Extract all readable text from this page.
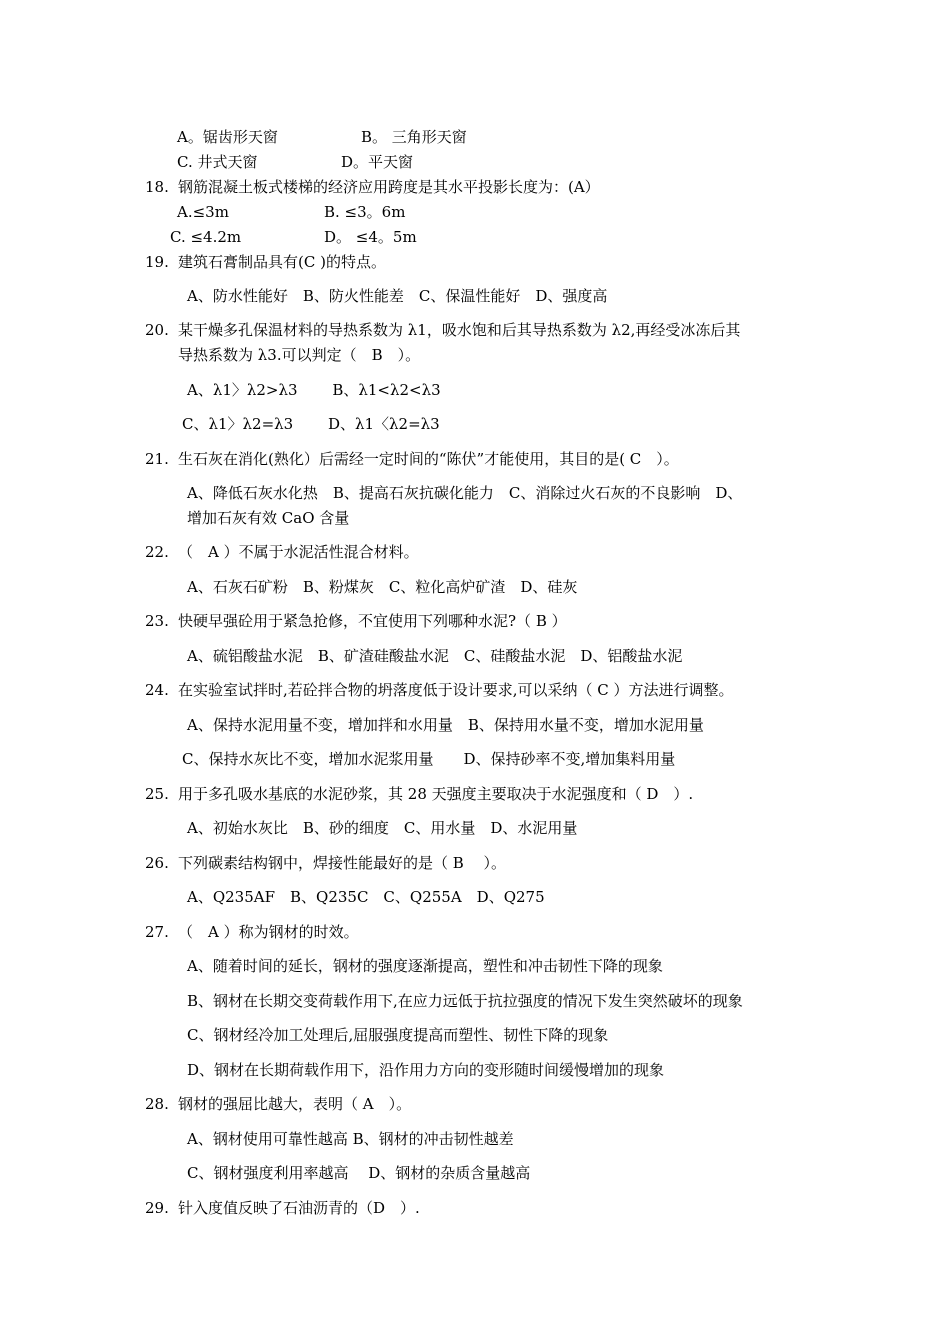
A。锯齿形天窗	B。 三角形天窗
C. 井式天窗	D。平天窗
18. 钢筋混凝土板式楼梯的经济应用跨度是其水平投影长度为：(A）
A.≤3m	B. ≤3。6m
C. ≤4.2m	D。 ≤4。5m
19. 建筑石膏制品具有(C )的特点。
A、防水性能好　B、防火性能差　C、保温性能好　D、强度高
20. 某干燥多孔保温材料的导热系数为 λ1，吸水饱和后其导热系数为 λ2,再经受冰冻后其
导热系数为 λ3.可以判定（　B　）。
A、λ1〉λ2>λ3　　 B、λ1<λ2<λ3
C、λ1〉λ2=λ3　　 D、λ1〈λ2=λ3
21. 生石灰在消化(熟化）后需经一定时间的“陈伏”才能使用，其目的是( C　）。
A、降低石灰水化热　B、提高石灰抗碳化能力　C、消除过火石灰的不良影响　D、
增加石灰有效 CaO 含量
22. （　A ）不属于水泥活性混合材料。
A、石灰石矿粉　B、粉煤灰　C、粒化高炉矿渣　D、硅灰
23. 快硬早强砼用于紧急抢修，不宜使用下列哪种水泥?（ B ）
A、硫铝酸盐水泥　B、矿渣硅酸盐水泥　C、硅酸盐水泥　D、铝酸盐水泥
24. 在实验室试拌时,若砼拌合物的坍落度低于设计要求,可以采纳（ C ）方法进行调整。
A、保持水泥用量不变，增加拌和水用量　B、保持用水量不变，增加水泥用量
C、保持水灰比不变，增加水泥浆用量　　D、保持砂率不变,增加集料用量
25. 用于多孔吸水基底的水泥砂浆，其 28 天强度主要取决于水泥强度和（ D　）.
A、初始水灰比　B、砂的细度　C、用水量　D、水泥用量
26. 下列碳素结构钢中，焊接性能最好的是（ B　 ）。
A、Q235AF　B、Q235C　C、Q255A　D、Q275
27. （　A ）称为钢材的时效。
A、随着时间的延长，钢材的强度逐渐提高，塑性和冲击韧性下降的现象
B、钢材在长期交变荷载作用下,在应力远低于抗拉强度的情况下发生突然破坏的现象
C、钢材经冷加工处理后,屈服强度提高而塑性、韧性下降的现象
D、钢材在长期荷载作用下，沿作用力方向的变形随时间缓慢增加的现象
28. 钢材的强屈比越大，表明（ A　）。
A、钢材使用可靠性越高 B、钢材的冲击韧性越差
C、钢材强度利用率越高　 D、钢材的杂质含量越高
29. 针入度值反映了石油沥青的（D　）.
